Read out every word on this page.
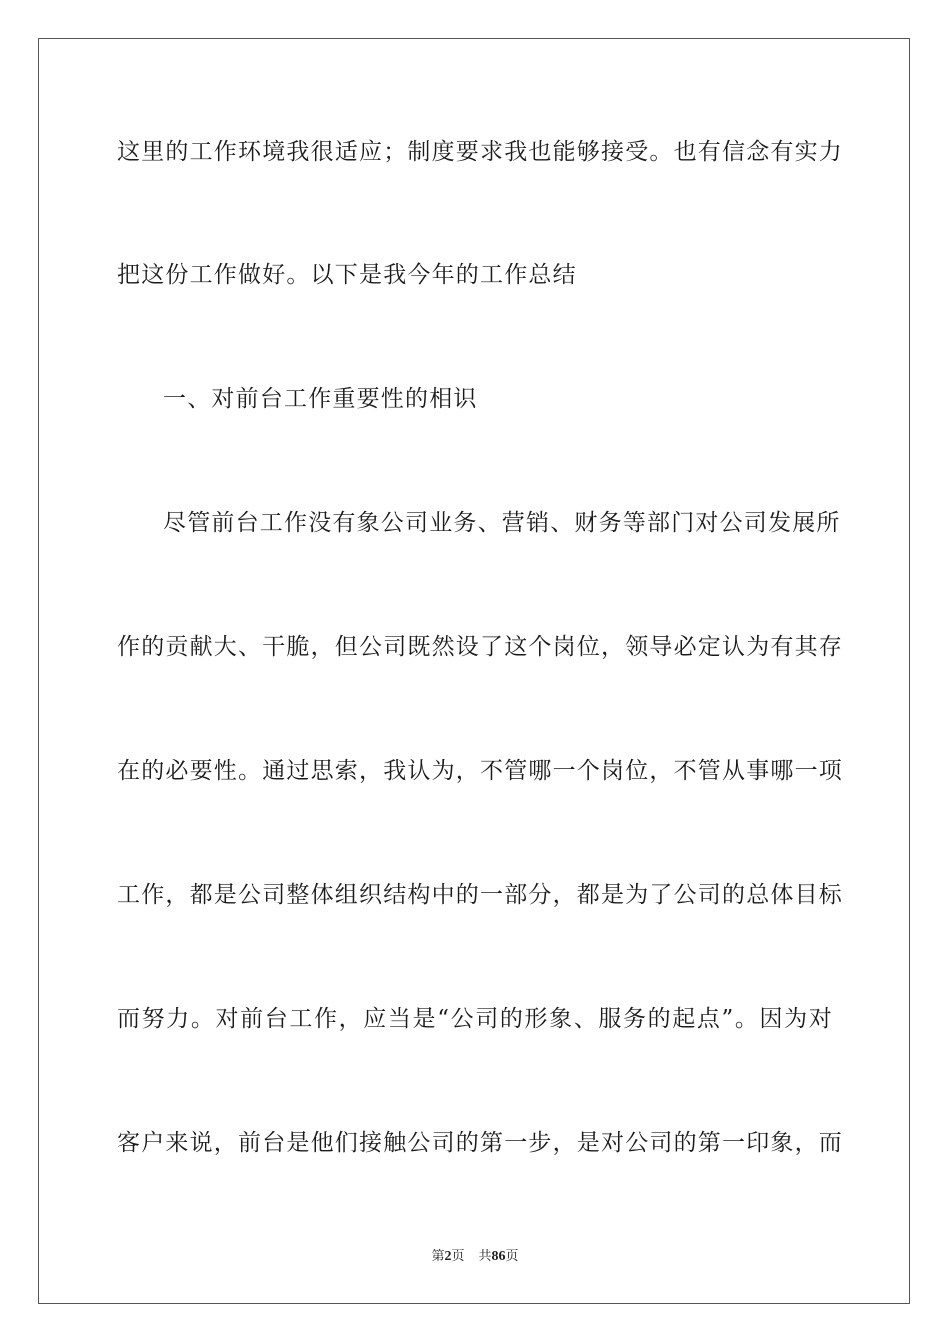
这里的工作环境我很适应；制度要求我也能够接受。也有信念有实力
把这份工作做好。以下是我今年的工作总结
一、对前台工作重要性的相识
尽管前台工作没有象公司业务、营销、财务等部门对公司发展所
作的贡献大、干脆，但公司既然设了这个岗位，领导必定认为有其存
在的必要性。通过思索，我认为，不管哪一个岗位，不管从事哪一项
工作，都是公司整体组织结构中的一部分，都是为了公司的总体目标
而努力。对前台工作，应当是“公司的形象、服务的起点”。因为对
客户来说，前台是他们接触公司的第一步，是对公司的第一印象，而
第2页 共86页
